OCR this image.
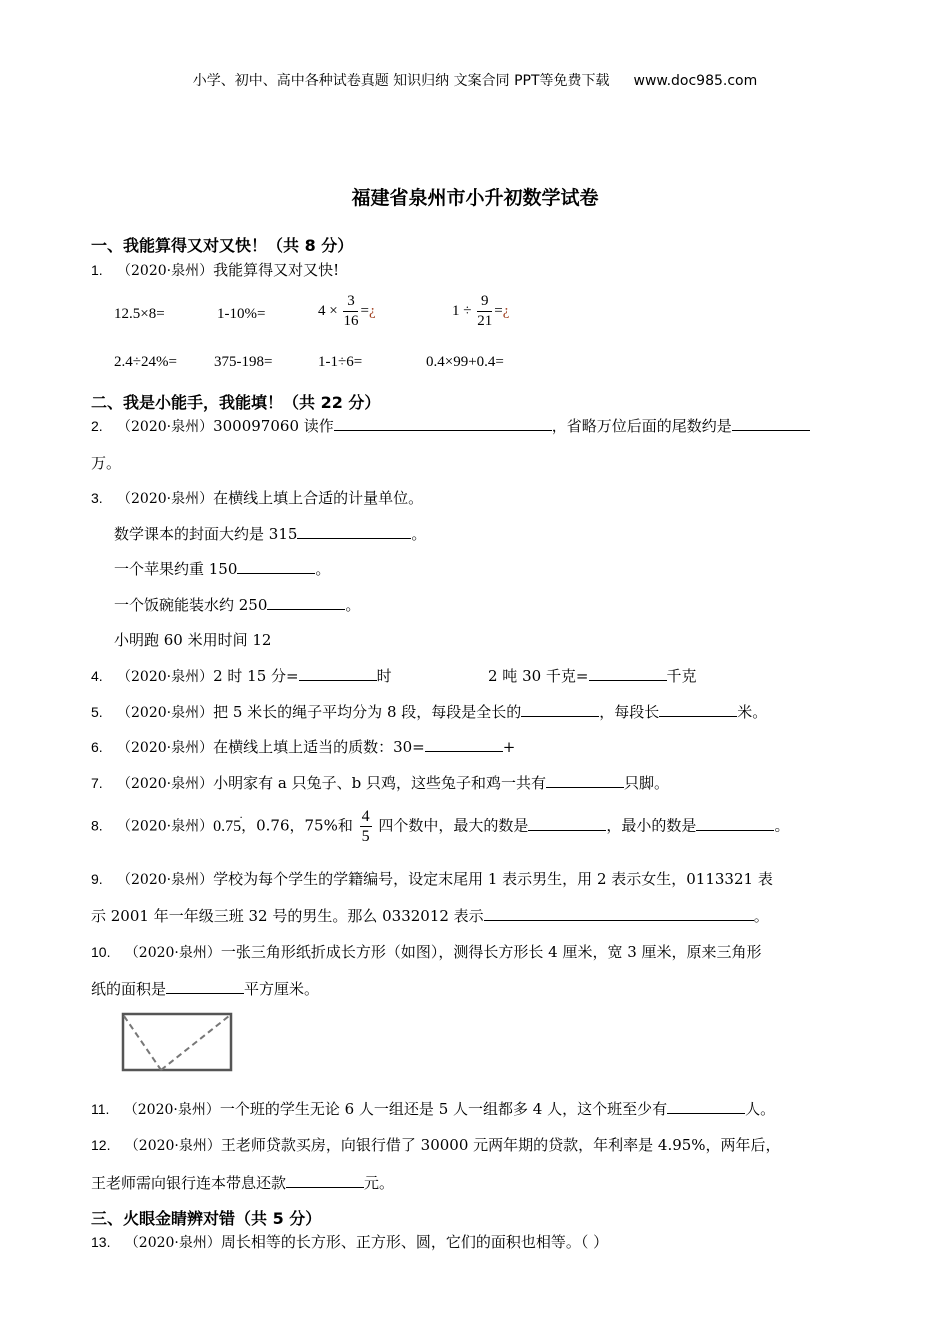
小学、初中、高中各种试卷真题 知识归纳 文案合同 PPT等免费下载 www.doc985.com
福建省泉州市小升初数学试卷
一、我能算得又对又快！（共 8 分）
1. （2020·泉州）我能算得又对又快!
12.5×8=	1-10%=	$4 \times \frac{3}{16}$ =¿	$1 \div \frac{9}{21}$ =¿
2.4÷24%= 375-198=	1-1÷6=	0.4×99+0.4=
二、我是小能手，我能填！（共 22 分）
2. （2020·泉州）300097060 读作	，省略万位后面的尾数约是
万。
3. （2020·泉州）在横线上填上合适的计量单位。
数学课本的封面大约是 315	。
一个苹果约重 150	。
一个饭碗能装水约 250	。
小明跑 60 米用时间 12
4. （2020·泉州）2 时 15 分=	时	2 吨 30 千克=	千克
5. （2020·泉州）把 5 米长的绳子平均分为 8 段，每段是全长的	，每段长	米。
6. （2020·泉州）在横线上填上适当的质数：30=	+
7. （2020·泉州）小明家有 a 只兔子、b 只鸡，这些兔子和鸡一共有	只脚。
8. （2020·泉州）0.75
·
，0.76，75%和 $\frac{4}{5}$ 四个数中，最大的数是	，最小的数是	。
9. （2020·泉州）学校为每个学生的学籍编号，设定末尾用 1 表示男生，用 2 表示女生，0113321 表
示 2001 年一年级三班 32 号的男生。那么 0332012 表示	。
10. （2020·泉州）一张三角形纸折成长方形（如图），测得长方形长 4 厘米，宽 3 厘米，原来三角形
纸的面积是	平方厘米。
11. （2020·泉州）一个班的学生无论 6 人一组还是 5 人一组都多 4 人，这个班至少有	人。
12. （2020·泉州）王老师贷款买房，向银行借了 30000 元两年期的贷款，年利率是 4.95%，两年后，
王老师需向银行连本带息还款	元。
三、火眼金睛辨对错（共 5 分）
13. （2020·泉州）周长相等的长方形、正方形、圆，它们的面积也相等。（ ）
